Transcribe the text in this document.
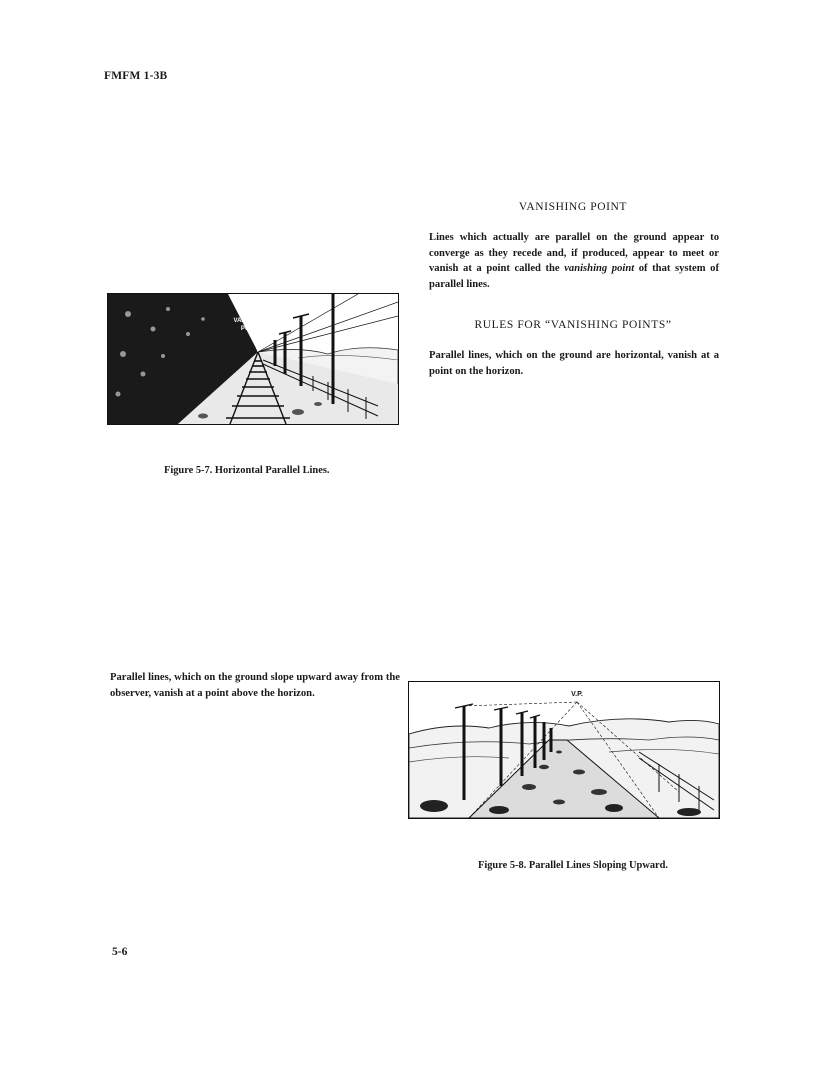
FMFM 1-3B
VANISHING POINT
Lines which actually are parallel on the ground appear to converge as they recede and, if produced, appear to meet or vanish at a point called the vanishing point of that system of parallel lines.
RULES FOR “VANISHING POINTS”
Parallel lines, which on the ground are horizontal, vanish at a point on the horizon.
VANISHING
POINT
Figure 5-7. Horizontal Parallel Lines.
Parallel lines, which on the ground slope upward away from the observer, vanish at a point above the horizon.	V.P.
Figure 5-8. Parallel Lines Sloping Upward.
5-6
